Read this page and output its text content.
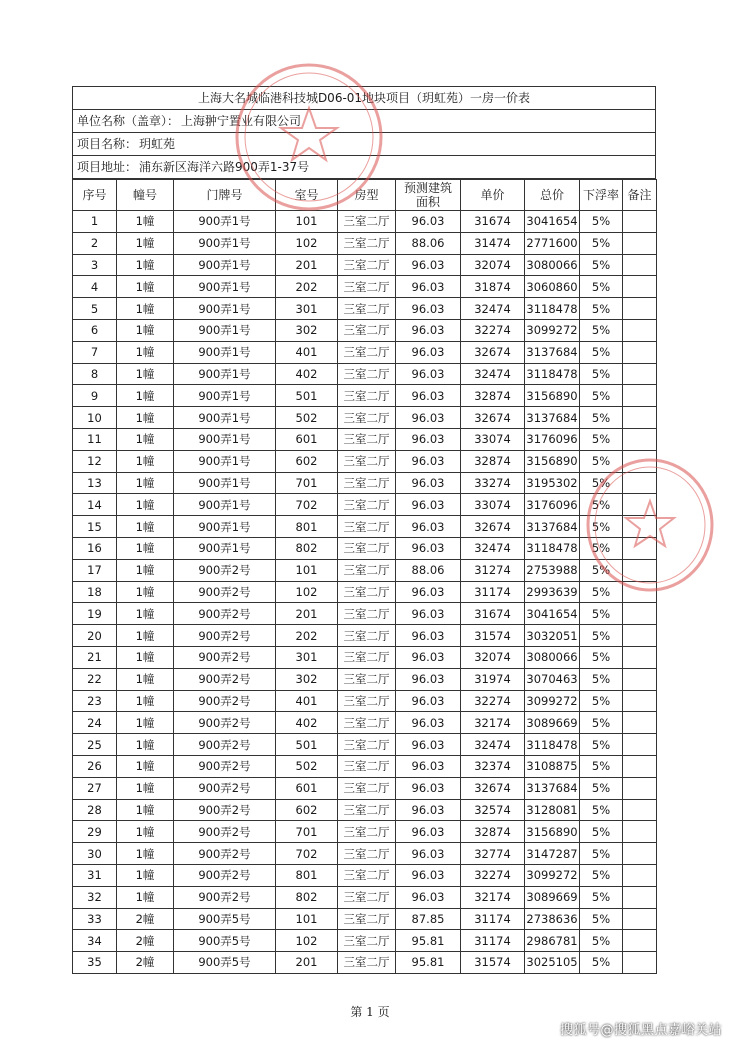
上海大名城临港科技城D06-01地块项目（玥虹苑）一房一价表
单位名称（盖章）： 上海翀宁置业有限公司
项目名称： 玥虹苑
项目地址： 浦东新区海洋六路900弄1-37号
序号	幢号	门牌号	室号	房型	预测建筑
面积	单价	总价	下浮率	备注
1	1幢	900弄1号	101	三室二厅	96.03	31674	3041654	5%	
2	1幢	900弄1号	102	三室二厅	88.06	31474	2771600	5%	
3	1幢	900弄1号	201	三室二厅	96.03	32074	3080066	5%	
4	1幢	900弄1号	202	三室二厅	96.03	31874	3060860	5%	
5	1幢	900弄1号	301	三室二厅	96.03	32474	3118478	5%	
6	1幢	900弄1号	302	三室二厅	96.03	32274	3099272	5%	
7	1幢	900弄1号	401	三室二厅	96.03	32674	3137684	5%	
8	1幢	900弄1号	402	三室二厅	96.03	32474	3118478	5%	
9	1幢	900弄1号	501	三室二厅	96.03	32874	3156890	5%	
10	1幢	900弄1号	502	三室二厅	96.03	32674	3137684	5%	
11	1幢	900弄1号	601	三室二厅	96.03	33074	3176096	5%	
12	1幢	900弄1号	602	三室二厅	96.03	32874	3156890	5%	
13	1幢	900弄1号	701	三室二厅	96.03	33274	3195302	5%	
14	1幢	900弄1号	702	三室二厅	96.03	33074	3176096	5%	
15	1幢	900弄1号	801	三室二厅	96.03	32674	3137684	5%	
16	1幢	900弄1号	802	三室二厅	96.03	32474	3118478	5%	
17	1幢	900弄2号	101	三室二厅	88.06	31274	2753988	5%	
18	1幢	900弄2号	102	三室二厅	96.03	31174	2993639	5%	
19	1幢	900弄2号	201	三室二厅	96.03	31674	3041654	5%	
20	1幢	900弄2号	202	三室二厅	96.03	31574	3032051	5%	
21	1幢	900弄2号	301	三室二厅	96.03	32074	3080066	5%	
22	1幢	900弄2号	302	三室二厅	96.03	31974	3070463	5%	
23	1幢	900弄2号	401	三室二厅	96.03	32274	3099272	5%	
24	1幢	900弄2号	402	三室二厅	96.03	32174	3089669	5%	
25	1幢	900弄2号	501	三室二厅	96.03	32474	3118478	5%	
26	1幢	900弄2号	502	三室二厅	96.03	32374	3108875	5%	
27	1幢	900弄2号	601	三室二厅	96.03	32674	3137684	5%	
28	1幢	900弄2号	602	三室二厅	96.03	32574	3128081	5%	
29	1幢	900弄2号	701	三室二厅	96.03	32874	3156890	5%	
30	1幢	900弄2号	702	三室二厅	96.03	32774	3147287	5%	
31	1幢	900弄2号	801	三室二厅	96.03	32274	3099272	5%	
32	1幢	900弄2号	802	三室二厅	96.03	32174	3089669	5%	
33	2幢	900弄5号	101	三室二厅	87.85	31174	2738636	5%	
34	2幢	900弄5号	102	三室二厅	95.81	31174	2986781	5%	
35	2幢	900弄5号	201	三室二厅	95.81	31574	3025105	5%	
第 1 页
搜狐号@搜狐黑点嘉峪关站
